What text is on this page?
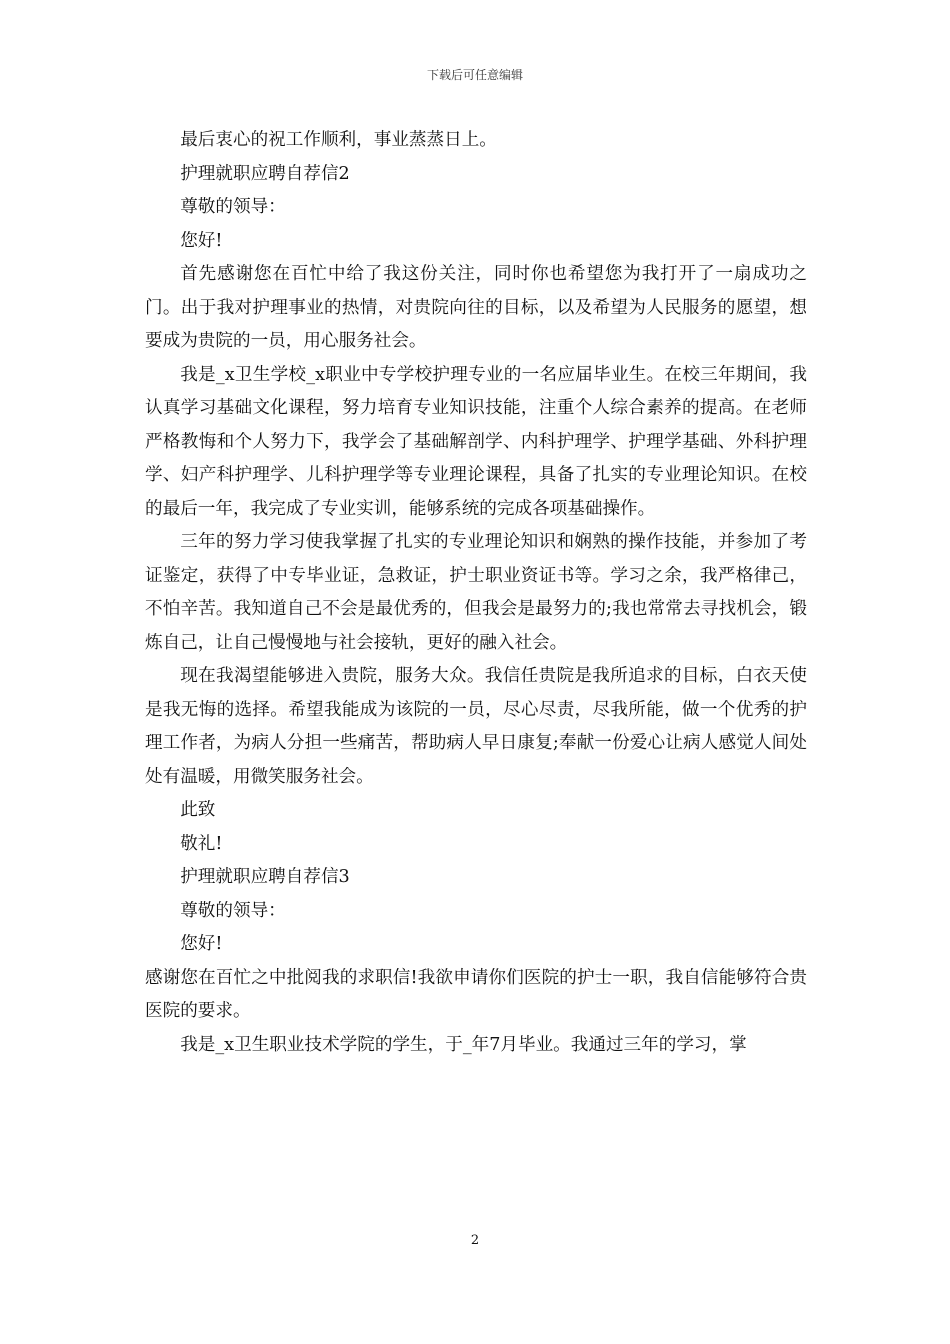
下载后可任意编辑

最后衷心的祝工作顺利，事业蒸蒸日上。

护理就职应聘自荐信2

尊敬的领导：

您好!

首先感谢您在百忙中给了我这份关注，同时你也希望您为我打开了一扇成功之门。出于我对护理事业的热情，对贵院向往的目标，以及希望为人民服务的愿望，想要成为贵院的一员，用心服务社会。

我是_x卫生学校_x职业中专学校护理专业的一名应届毕业生。在校三年期间，我认真学习基础文化课程，努力培育专业知识技能，注重个人综合素养的提高。在老师严格教悔和个人努力下，我学会了基础解剖学、内科护理学、护理学基础、外科护理学、妇产科护理学、儿科护理学等专业理论课程，具备了扎实的专业理论知识。在校的最后一年，我完成了专业实训，能够系统的完成各项基础操作。

三年的努力学习使我掌握了扎实的专业理论知识和娴熟的操作技能，并参加了考证鉴定，获得了中专毕业证，急救证，护士职业资证书等。学习之余，我严格律己，不怕辛苦。我知道自己不会是最优秀的，但我会是最努力的;我也常常去寻找机会，锻炼自己，让自己慢慢地与社会接轨，更好的融入社会。

现在我渴望能够进入贵院，服务大众。我信任贵院是我所追求的目标，白衣天使是我无悔的选择。希望我能成为该院的一员，尽心尽责，尽我所能，做一个优秀的护理工作者，为病人分担一些痛苦，帮助病人早日康复;奉献一份爱心让病人感觉人间处处有温暖，用微笑服务社会。

此致

敬礼!

护理就职应聘自荐信3

尊敬的领导：

您好!

感谢您在百忙之中批阅我的求职信!我欲申请你们医院的护士一职，我自信能够符合贵医院的要求。

我是_x卫生职业技术学院的学生，于_年7月毕业。我通过三年的学习，掌

2
